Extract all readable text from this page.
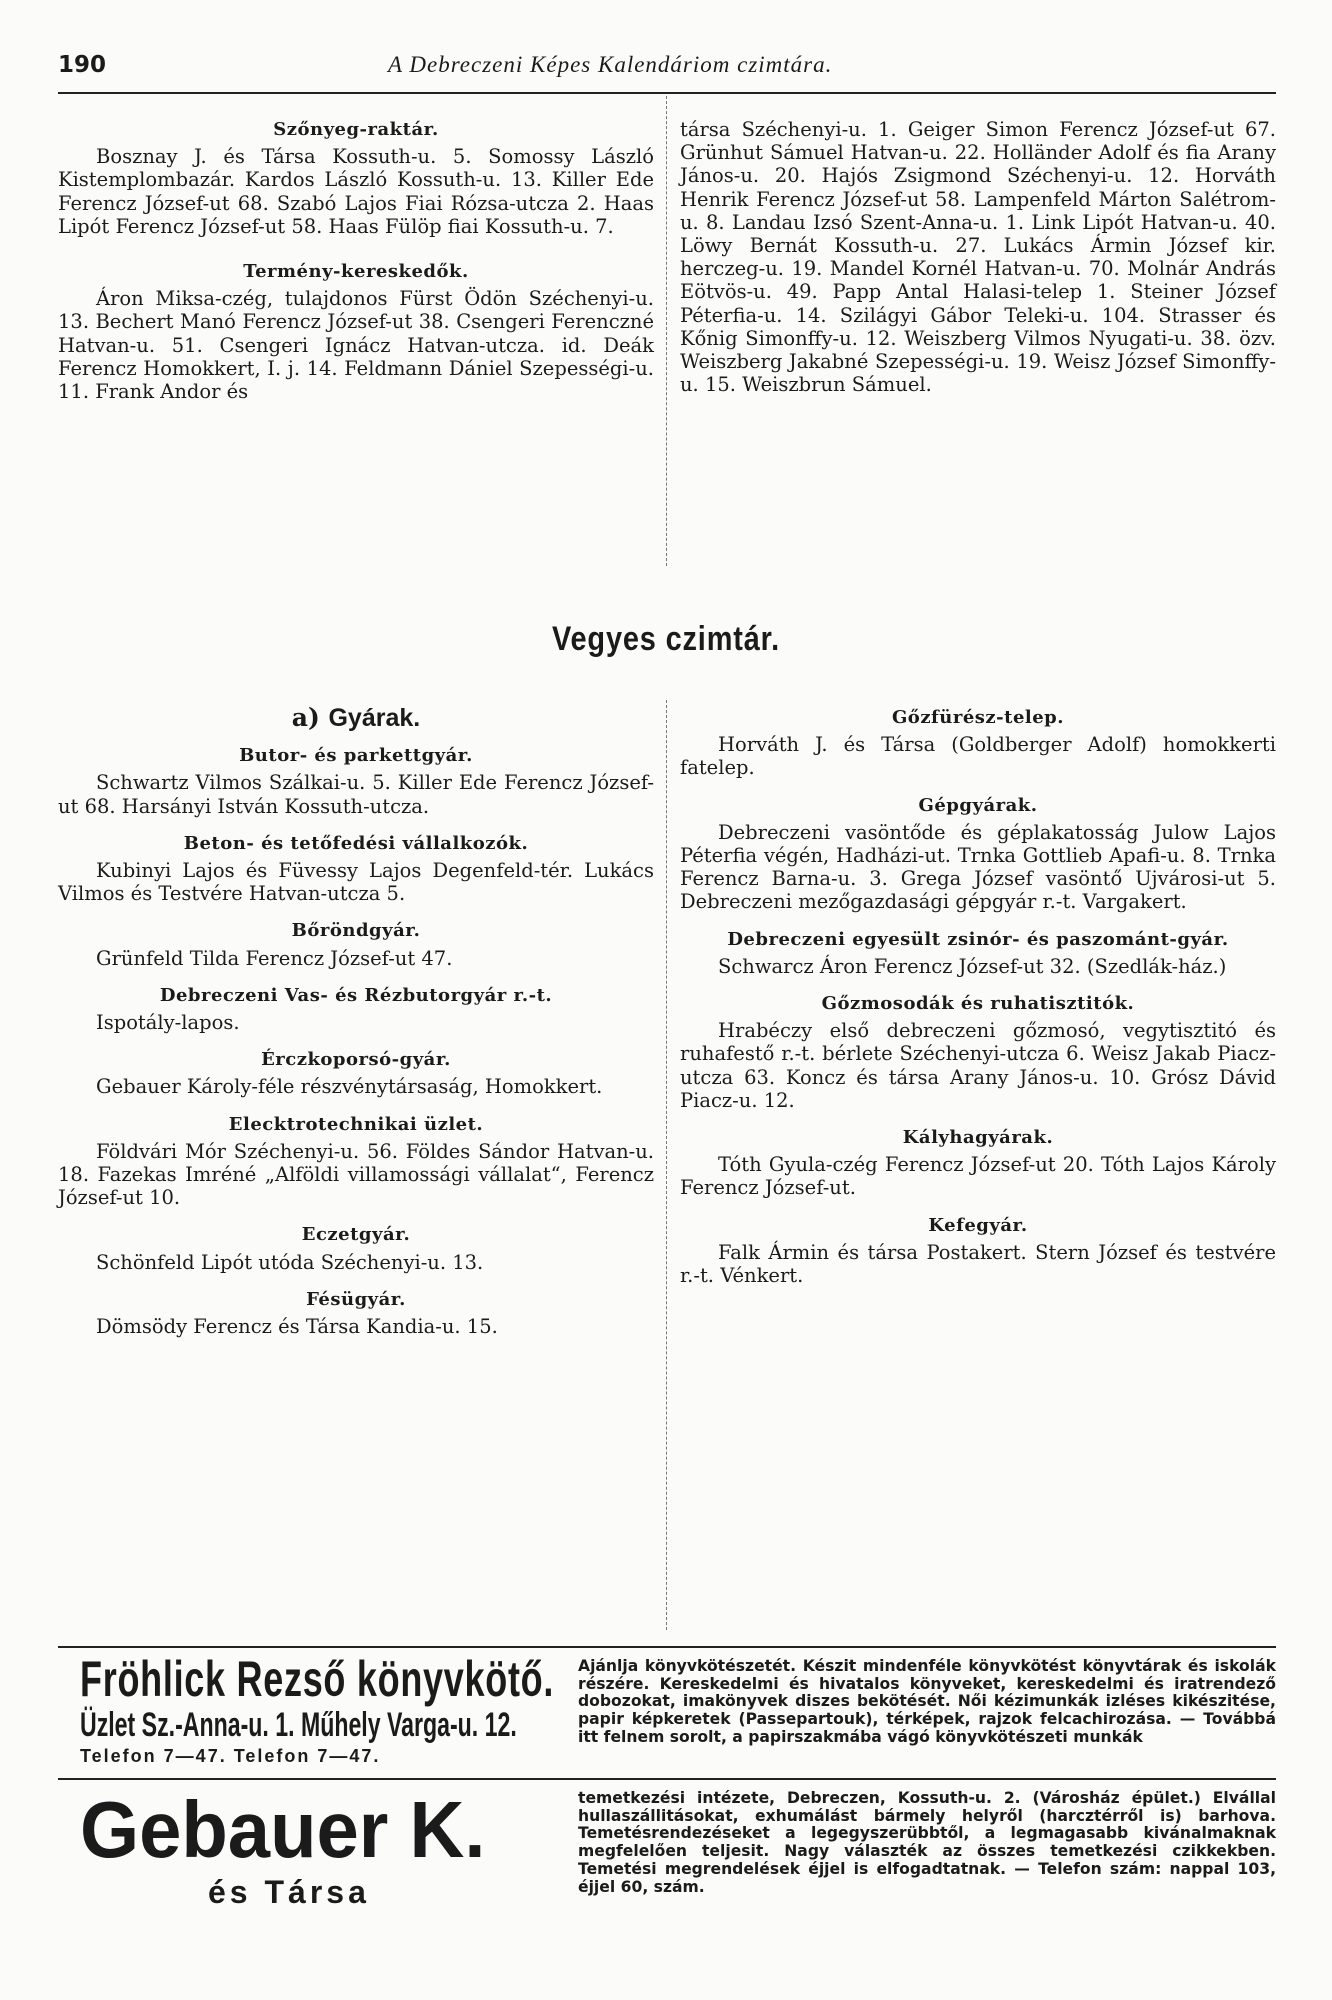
190	A Debreczeni Képes Kalendáriom czimtára.
Szőnyeg-raktár.

Bosznay J. és Társa Kossuth-u. 5. Somossy László Kistemplombazár. Kardos László Kossuth-u. 13. Killer Ede Ferencz József-ut 68. Szabó Lajos Fiai Rózsa-utcza 2. Haas Lipót Ferencz József-ut 58. Haas Fülöp fiai Kossuth-u. 7.

Termény-kereskedők.

Áron Miksa-czég, tulajdonos Fürst Ödön Széchenyi-u. 13. Bechert Manó Ferencz József-ut 38. Csengeri Ferenczné Hatvan-u. 51. Csengeri Ignácz Hatvan-utcza. id. Deák Ferencz Homokkert, I. j. 14. Feldmann Dániel Szepességi-u. 11. Frank Andor és

társa Széchenyi-u. 1. Geiger Simon Ferencz József-ut 67. Grünhut Sámuel Hatvan-u. 22. Holländer Adolf és fia Arany János-u. 20. Hajós Zsigmond Széchenyi-u. 12. Horváth Henrik Ferencz József-ut 58. Lampenfeld Márton Salétrom-u. 8. Landau Izsó Szent-Anna-u. 1. Link Lipót Hatvan-u. 40. Löwy Bernát Kossuth-u. 27. Lukács Ármin József kir. herczeg-u. 19. Mandel Kornél Hatvan-u. 70. Molnár András Eötvös-u. 49. Papp Antal Halasi-telep 1. Steiner József Péterfia-u. 14. Szilágyi Gábor Teleki-u. 104. Strasser és Kőnig Simonffy-u. 12. Weiszberg Vilmos Nyugati-u. 38. özv. Weiszberg Jakabné Szepességi-u. 19. Weisz József Simonffy-u. 15. Weiszbrun Sámuel.

Vegyes czimtár.
a) Gyárak.
Butor- és parkettgyár.

Schwartz Vilmos Szálkai-u. 5. Killer Ede Ferencz József-ut 68. Harsányi István Kossuth-utcza.

Beton- és tetőfedési vállalkozók.

Kubinyi Lajos és Füvessy Lajos Degenfeld-tér. Lukács Vilmos és Testvére Hatvan-utcza 5.

Bőröndgyár.

Grünfeld Tilda Ferencz József-ut 47.

Debreczeni Vas- és Rézbutorgyár r.-t.

Ispotály-lapos.

Érczkoporsó-gyár.

Gebauer Károly-féle részvénytársaság, Homokkert.

Elecktrotechnikai üzlet.

Földvári Mór Széchenyi-u. 56. Földes Sándor Hatvan-u. 18. Fazekas Imréné „Alföldi villamossági vállalat“, Ferencz József-ut 10.

Eczetgyár.

Schönfeld Lipót utóda Széchenyi-u. 13.

Fésügyár.

Dömsödy Ferencz és Társa Kandia-u. 15.

Gőzfürész-telep.

Horváth J. és Társa (Goldberger Adolf) homokkerti fatelep.

Gépgyárak.

Debreczeni vasöntőde és géplakatosság Julow Lajos Péterfia végén, Hadházi-ut. Trnka Gottlieb Apafi-u. 8. Trnka Ferencz Barna-u. 3. Grega József vasöntő Ujvárosi-ut 5. Debreczeni mezőgazdasági gépgyár r.-t. Vargakert.

Debreczeni egyesült zsinór- és paszománt-gyár.

Schwarcz Áron Ferencz József-ut 32. (Szedlák-ház.)

Gőzmosodák és ruhatisztitók.

Hrabéczy első debreczeni gőzmosó, vegytisztitó és ruhafestő r.-t. bérlete Széchenyi-utcza 6. Weisz Jakab Piacz-utcza 63. Koncz és társa Arany János-u. 10. Grósz Dávid Piacz-u. 12.

Kályhagyárak.

Tóth Gyula-czég Ferencz József-ut 20. Tóth Lajos Károly Ferencz József-ut.

Kefegyár.

Falk Ármin és társa Postakert. Stern József és testvére r.-t. Vénkert.

Fröhlick Rezső könyvkötő.
Üzlet Sz.-Anna-u. 1. Műhely Varga-u. 12.
Telefon 7—47. Telefon 7—47.
Ajánlja könyvkötészetét. Készit mindenféle könyvkötést könyvtárak és iskolák részére. Kereskedelmi és hivatalos könyveket, kereskedelmi és iratrendező dobozokat, imakönyvek diszes bekötését. Női kézimunkák izléses kikészitése, papir képkeretek (Passepartouk), térképek, rajzok felcachirozása. — Továbbá itt felnem sorolt, a papirszakmába vágó könyvkötészeti munkák
Gebauer K.
és Társa
temetkezési intézete, Debreczen, Kossuth-u. 2. (Városház épület.) Elvállal hullaszállitásokat, exhumálást bármely helyről (harcztérről is) barhova. Temetésrendezéseket a legegyszerübbtől, a legmagasabb kivánalmaknak megfelelően teljesit. Nagy választék az összes temetkezési czikkekben. Temetési megrendelések éjjel is elfogadtatnak. — Telefon szám: nappal 103, éjjel 60, szám.
